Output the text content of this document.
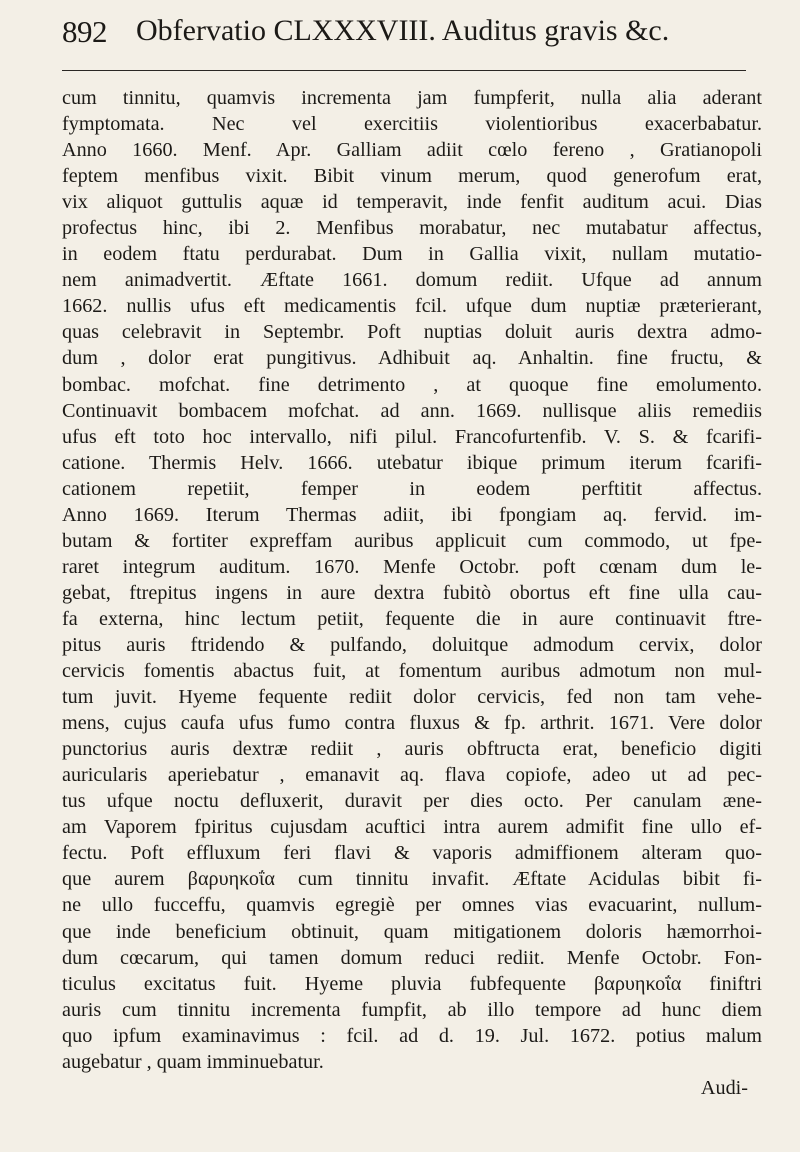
892 Obfervatio CLXXXVIII. Auditus gravis &c.
cum tinnitu, quamvis incrementa jam fumpferit, nulla alia aderant
fymptomata. Nec vel exercitiis violentioribus exacerbabatur.
Anno 1660. Menf. Apr. Galliam adiit cœlo fereno , Gratianopoli
feptem menfibus vixit. Bibit vinum merum, quod generofum erat,
vix aliquot guttulis aquæ id temperavit, inde fenfit auditum acui. Dias
profectus hinc, ibi 2. Menfibus morabatur, nec mutabatur affectus,
in eodem ftatu perdurabat. Dum in Gallia vixit, nullam mutatio-
nem animadvertit. Æftate 1661. domum rediit. Ufque ad annum
1662. nullis ufus eft medicamentis fcil. ufque dum nuptiæ præterierant,
quas celebravit in Septembr. Poft nuptias doluit auris dextra admo-
dum , dolor erat pungitivus. Adhibuit aq. Anhaltin. fine fructu, &
bombac. mofchat. fine detrimento , at quoque fine emolumento.
Continuavit bombacem mofchat. ad ann. 1669. nullisque aliis remediis
ufus eft toto hoc intervallo, nifi pilul. Francofurtenfib. V. S. & fcarifi-
catione. Thermis Helv. 1666. utebatur ibique primum iterum fcarifi-
cationem repetiit, femper in eodem perftitit affectus.
Anno 1669. Iterum Thermas adiit, ibi fpongiam aq. fervid. im-
butam & fortiter expreffam auribus applicuit cum commodo, ut fpe-
raret integrum auditum. 1670. Menfe Octobr. poft cœnam dum le-
gebat, ftrepitus ingens in aure dextra fubitò obortus eft fine ulla cau-
fa externa, hinc lectum petiit, fequente die in aure continuavit ftre-
pitus auris ftridendo & pulfando, doluitque admodum cervix, dolor
cervicis fomentis abactus fuit, at fomentum auribus admotum non mul-
tum juvit. Hyeme fequente rediit dolor cervicis, fed non tam vehe-
mens, cujus caufa ufus fumo contra fluxus & fp. arthrit. 1671. Vere dolor
punctorius auris dextræ rediit , auris obftructa erat, beneficio digiti
auricularis aperiebatur , emanavit aq. flava copiofe, adeo ut ad pec-
tus ufque noctu defluxerit, duravit per dies octo. Per canulam æne-
am Vaporem fpiritus cujusdam acuftici intra aurem admifit fine ullo ef-
fectu. Poft effluxum feri flavi & vaporis admiffionem alteram quo-
que aurem βαρυηκοΐα cum tinnitu invafit. Æftate Acidulas bibit fi-
ne ullo fucceffu, quamvis egregiè per omnes vias evacuarint, nullum-
que inde beneficium obtinuit, quam mitigationem doloris hæmorrhoi-
dum cœcarum, qui tamen domum reduci rediit. Menfe Octobr. Fon-
ticulus excitatus fuit. Hyeme pluvia fubfequente βαρυηκοΐα finiftri
auris cum tinnitu incrementa fumpfit, ab illo tempore ad hunc diem
quo ipfum examinavimus : fcil. ad d. 19. Jul. 1672. potius malum
augebatur , quam imminuebatur.
Audi-
